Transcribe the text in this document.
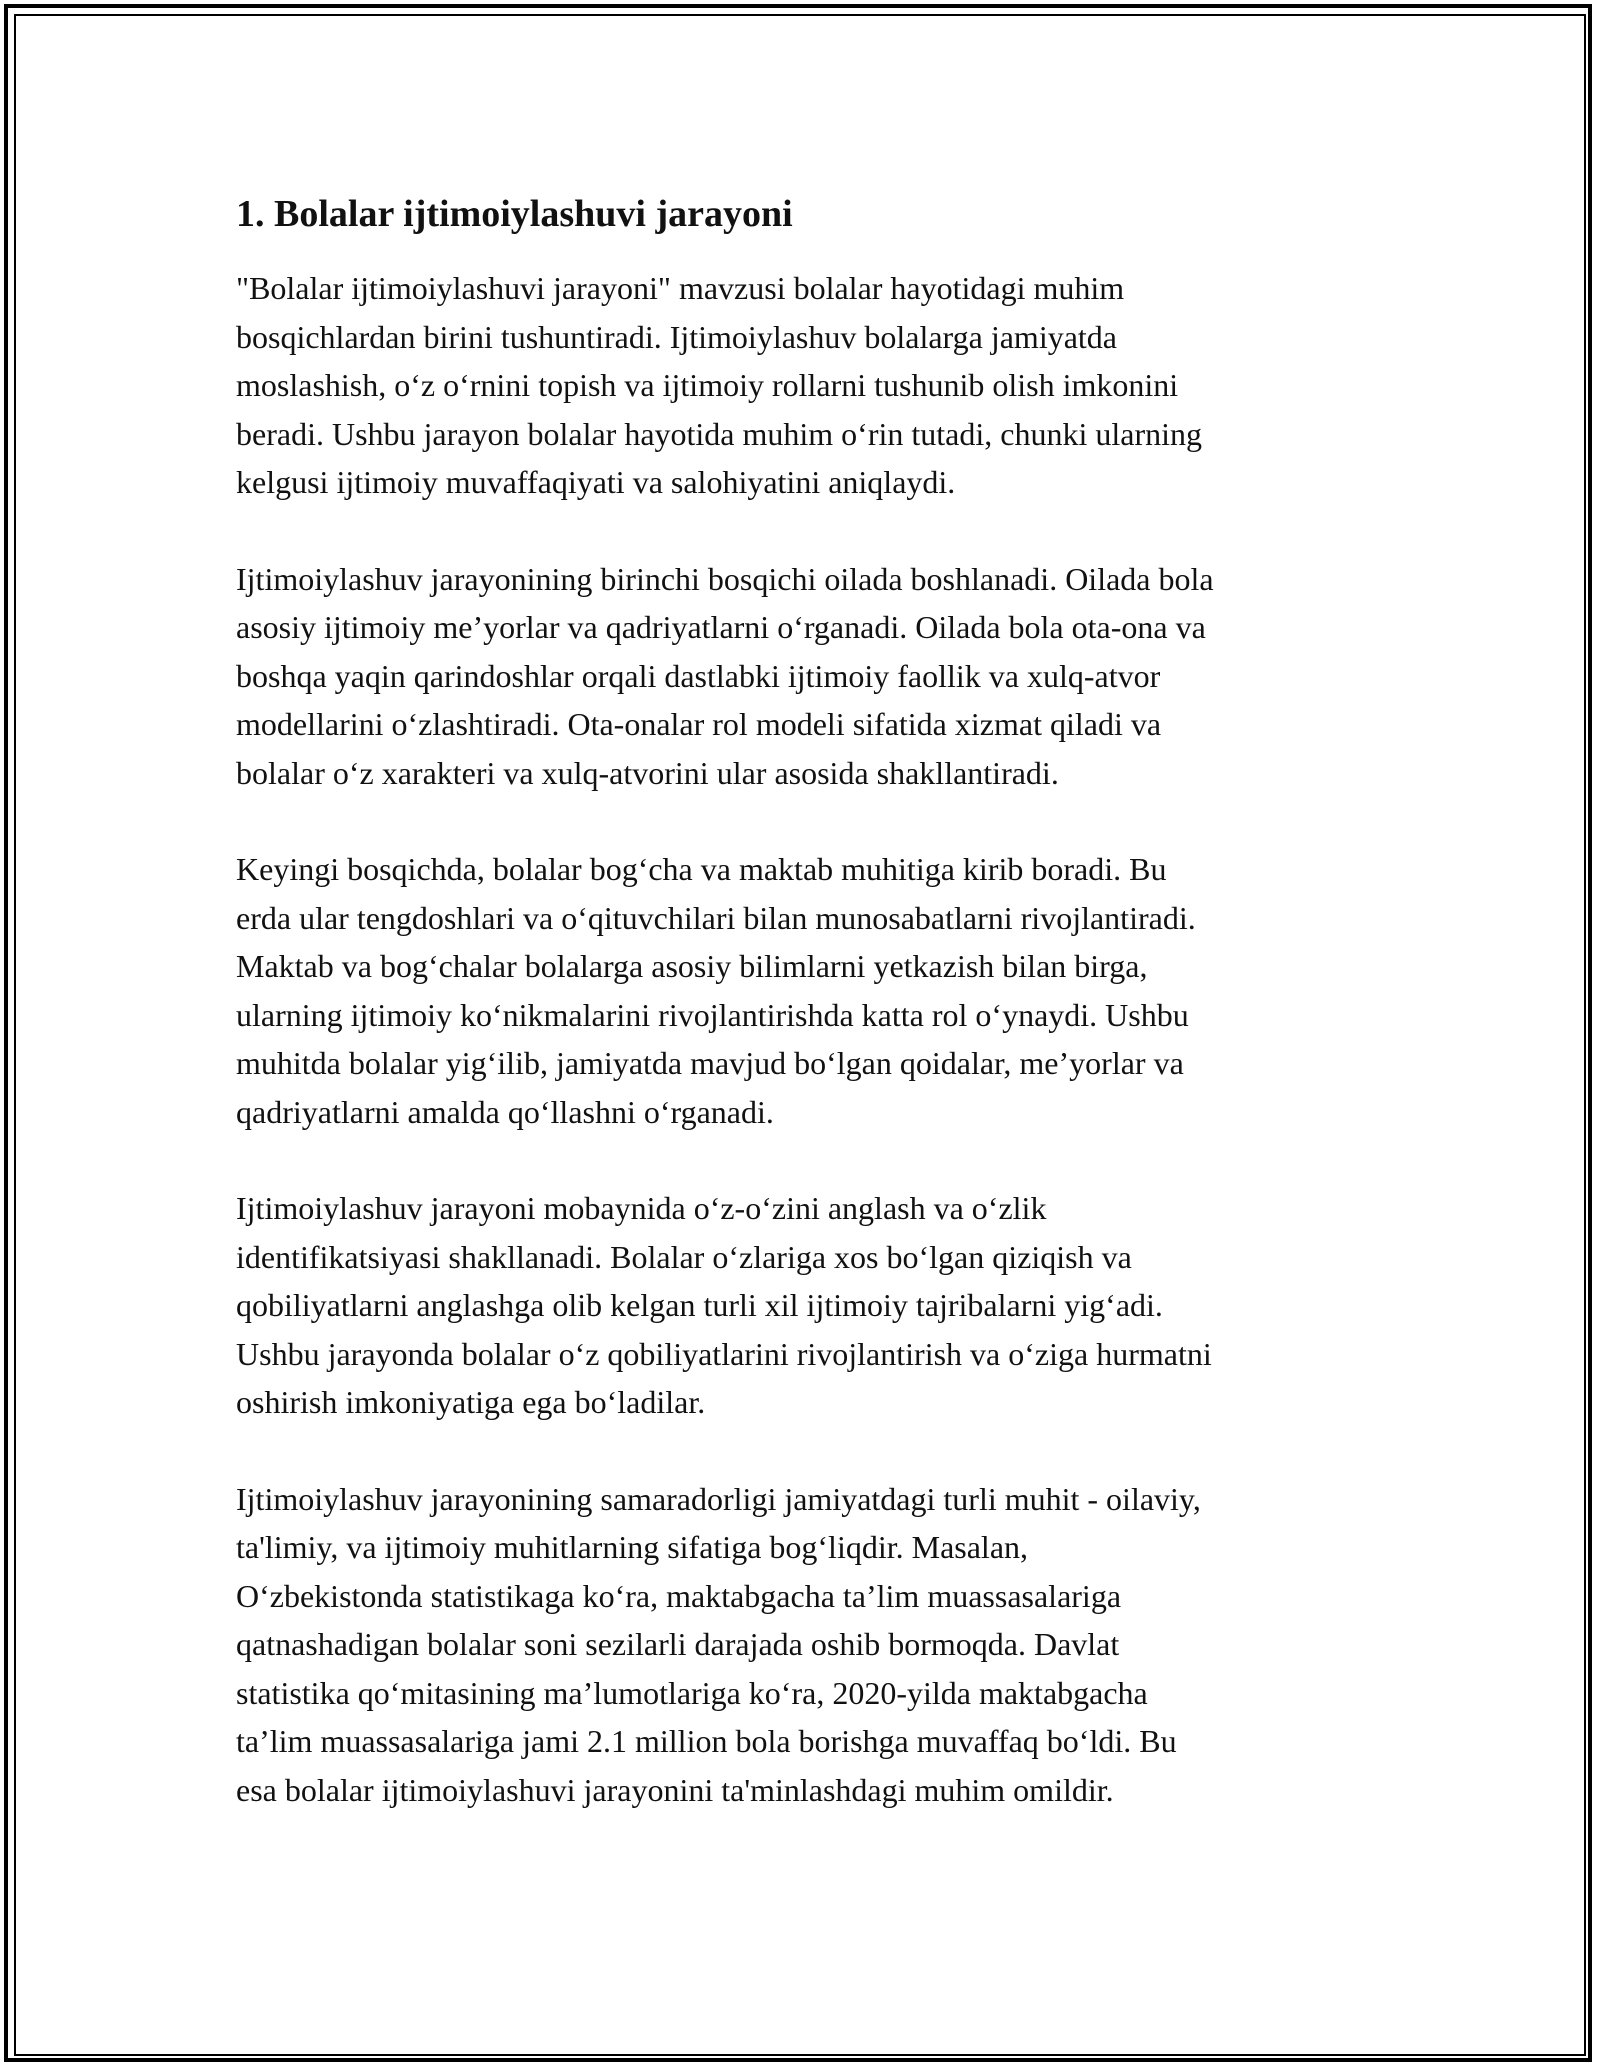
1. Bolalar ijtimoiylashuvi jarayoni

"Bolalar ijtimoiylashuvi jarayoni" mavzusi bolalar hayotidagi muhim
bosqichlardan birini tushuntiradi. Ijtimoiylashuv bolalarga jamiyatda
moslashish, o‘z o‘rnini topish va ijtimoiy rollarni tushunib olish imkonini
beradi. Ushbu jarayon bolalar hayotida muhim o‘rin tutadi, chunki ularning
kelgusi ijtimoiy muvaffaqiyati va salohiyatini aniqlaydi.

Ijtimoiylashuv jarayonining birinchi bosqichi oilada boshlanadi. Oilada bola
asosiy ijtimoiy me’yorlar va qadriyatlarni o‘rganadi. Oilada bola ota-ona va
boshqa yaqin qarindoshlar orqali dastlabki ijtimoiy faollik va xulq-atvor
modellarini o‘zlashtiradi. Ota-onalar rol modeli sifatida xizmat qiladi va
bolalar o‘z xarakteri va xulq-atvorini ular asosida shakllantiradi.

Keyingi bosqichda, bolalar bog‘cha va maktab muhitiga kirib boradi. Bu
erda ular tengdoshlari va o‘qituvchilari bilan munosabatlarni rivojlantiradi.
Maktab va bog‘chalar bolalarga asosiy bilimlarni yetkazish bilan birga,
ularning ijtimoiy ko‘nikmalarini rivojlantirishda katta rol o‘ynaydi. Ushbu
muhitda bolalar yig‘ilib, jamiyatda mavjud bo‘lgan qoidalar, me’yorlar va
qadriyatlarni amalda qo‘llashni o‘rganadi.

Ijtimoiylashuv jarayoni mobaynida o‘z-o‘zini anglash va o‘zlik
identifikatsiyasi shakllanadi. Bolalar o‘zlariga xos bo‘lgan qiziqish va
qobiliyatlarni anglashga olib kelgan turli xil ijtimoiy tajribalarni yig‘adi.
Ushbu jarayonda bolalar o‘z qobiliyatlarini rivojlantirish va o‘ziga hurmatni
oshirish imkoniyatiga ega bo‘ladilar.

Ijtimoiylashuv jarayonining samaradorligi jamiyatdagi turli muhit - oilaviy,
ta'limiy, va ijtimoiy muhitlarning sifatiga bog‘liqdir. Masalan,
O‘zbekistonda statistikaga ko‘ra, maktabgacha ta’lim muassasalariga
qatnashadigan bolalar soni sezilarli darajada oshib bormoqda. Davlat
statistika qo‘mitasining ma’lumotlariga ko‘ra, 2020-yilda maktabgacha
ta’lim muassasalariga jami 2.1 million bola borishga muvaffaq bo‘ldi. Bu
esa bolalar ijtimoiylashuvi jarayonini ta'minlashdagi muhim omildir.
